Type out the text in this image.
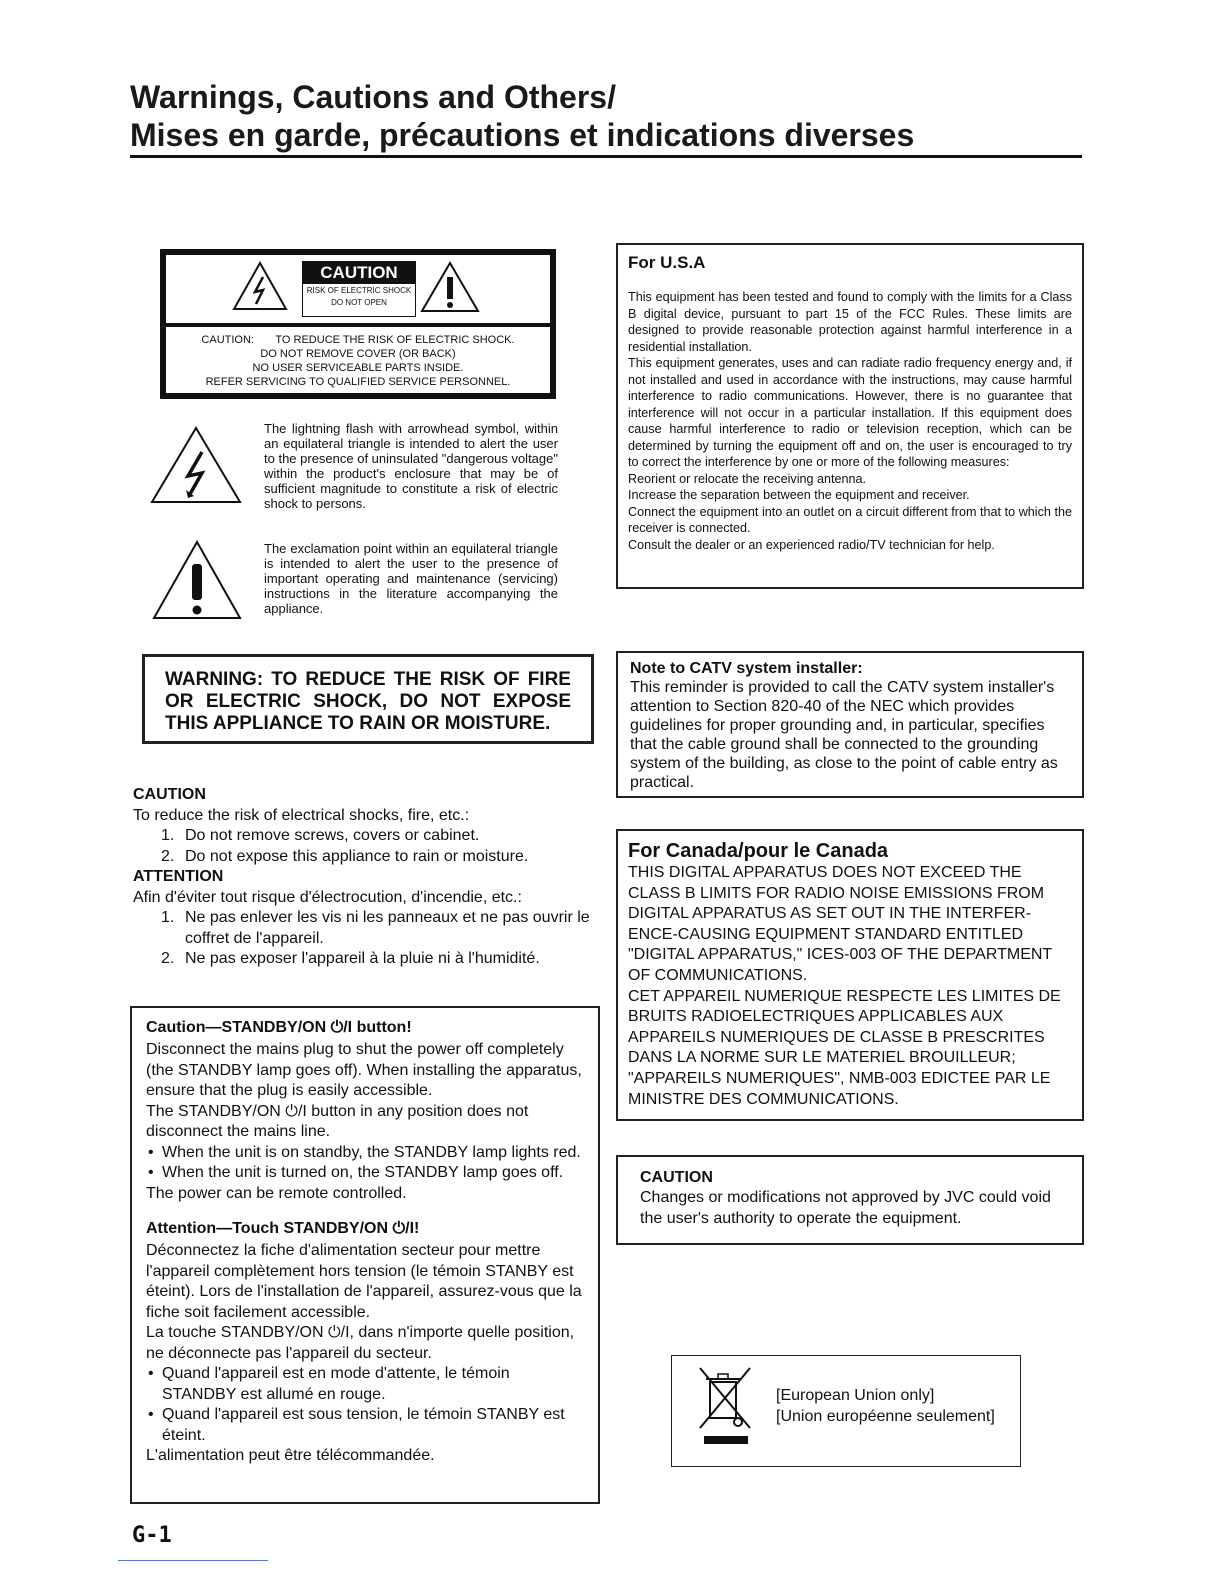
Warnings, Cautions and Others/
Mises en garde, précautions et indications diverses
CAUTION
RISK OF ELECTRIC SHOCK
DO NOT OPEN
CAUTION: TO REDUCE THE RISK OF ELECTRIC SHOCK.
DO NOT REMOVE COVER (OR BACK)
NO USER SERVICEABLE PARTS INSIDE.
REFER SERVICING TO QUALIFIED SERVICE PERSONNEL.
The lightning flash with arrowhead symbol, within an equilateral triangle is intended to alert the user to the presence of uninsulated "dangerous voltage" within the product's enclosure that may be of sufficient magnitude to constitute a risk of electric shock to persons.
The exclamation point within an equilateral triangle is intended to alert the user to the presence of important operating and maintenance (servicing) instructions in the literature accompanying the appliance.
For U.S.A
This equipment has been tested and found to comply with the limits for a Class B digital device, pursuant to part 15 of the FCC Rules. These limits are designed to provide reasonable protection against harmful interference in a residential installation.
This equipment generates, uses and can radiate radio frequency energy and, if not installed and used in accordance with the instructions, may cause harmful interference to radio communications. However, there is no guarantee that interference will not occur in a particular installation. If this equipment does cause harmful interference to radio or television reception, which can be determined by turning the equipment off and on, the user is encouraged to try to correct the interference by one or more of the following measures:
Reorient or relocate the receiving antenna.
Increase the separation between the equipment and receiver.
Connect the equipment into an outlet on a circuit different from that to which the receiver is connected.
Consult the dealer or an experienced radio/TV technician for help.
WARNING: TO REDUCE THE RISK OF FIRE OR ELECTRIC SHOCK, DO NOT EXPOSE THIS APPLIANCE TO RAIN OR MOISTURE.
Note to CATV system installer:
This reminder is provided to call the CATV system installer's attention to Section 820-40 of the NEC which provides guidelines for proper grounding and, in particular, specifies that the cable ground shall be connected to the grounding system of the building, as close to the point of cable entry as practical.
CAUTION
To reduce the risk of electrical shocks, fire, etc.:
1. Do not remove screws, covers or cabinet.
2. Do not expose this appliance to rain or moisture.
ATTENTION
Afin d'éviter tout risque d'électrocution, d'incendie, etc.:
1. Ne pas enlever les vis ni les panneaux et ne pas ouvrir le coffret de l'appareil.
2. Ne pas exposer l'appareil à la pluie ni à l'humidité.
For Canada/pour le Canada
THIS DIGITAL APPARATUS DOES NOT EXCEED THE CLASS B LIMITS FOR RADIO NOISE EMISSIONS FROM DIGITAL APPARATUS AS SET OUT IN THE INTERFER-ENCE-CAUSING EQUIPMENT STANDARD ENTITLED "DIGITAL APPARATUS," ICES-003 OF THE DEPARTMENT OF COMMUNICATIONS.
CET APPAREIL NUMERIQUE RESPECTE LES LIMITES DE BRUITS RADIOELECTRIQUES APPLICABLES AUX APPAREILS NUMERIQUES DE CLASSE B PRESCRITES DANS LA NORME SUR LE MATERIEL BROUILLEUR; "APPAREILS NUMERIQUES", NMB-003 EDICTEE PAR LE MINISTRE DES COMMUNICATIONS.
Caution—STANDBY/ON ⏻/I button!
Disconnect the mains plug to shut the power off completely (the STANDBY lamp goes off). When installing the apparatus, ensure that the plug is easily accessible.
The STANDBY/ON ⏻/I button in any position does not disconnect the mains line.
• When the unit is on standby, the STANDBY lamp lights red.
• When the unit is turned on, the STANDBY lamp goes off.
The power can be remote controlled.
Attention—Touch STANDBY/ON ⏻/I!
Déconnectez la fiche d'alimentation secteur pour mettre l'appareil complètement hors tension (le témoin STANBY est éteint). Lors de l'installation de l'appareil, assurez-vous que la fiche soit facilement accessible.
La touche STANDBY/ON ⏻/I, dans n'importe quelle position, ne déconnecte pas l'appareil du secteur.
• Quand l'appareil est en mode d'attente, le témoin STANDBY est allumé en rouge.
• Quand l'appareil est sous tension, le témoin STANBY est éteint.
L'alimentation peut être télécommandée.
CAUTION
Changes or modifications not approved by JVC could void the user's authority to operate the equipment.
[European Union only]
[Union européenne seulement]
G-1
